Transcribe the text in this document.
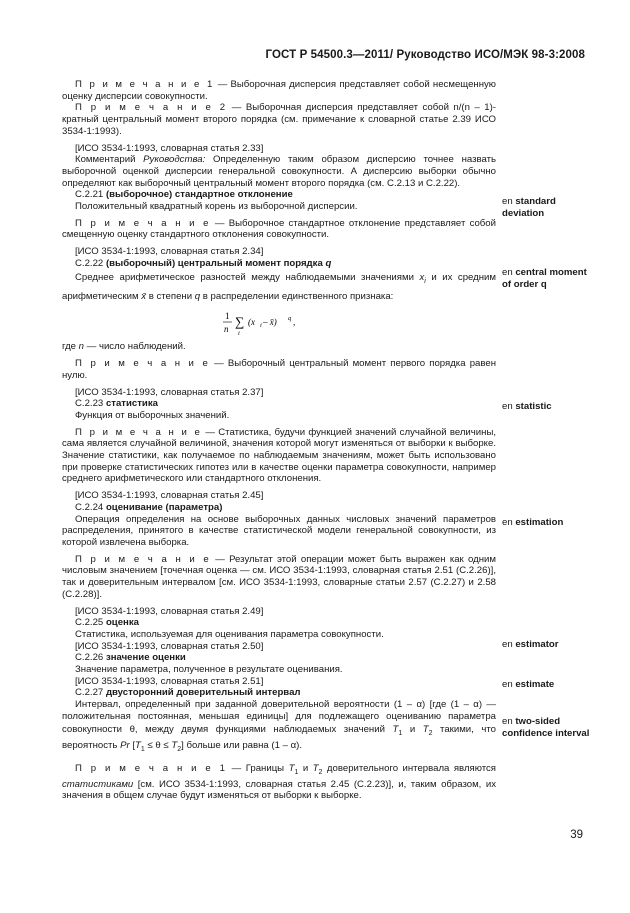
ГОСТ Р 54500.3—2011/ Руководство ИСО/МЭК 98-3:2008

П р и м е ч а н и е 1 — Выборочная дисперсия представляет собой несмещенную оценку дисперсии совокупности.

П р и м е ч а н и е 2 — Выборочная дисперсия представляет собой n/(n – 1)-кратный центральный момент второго порядка (см. примечание к словарной статье 2.39 ИСО 3534-1:1993).

[ИСО 3534-1:1993, словарная статья 2.33]

Комментарий Руководства: Определенную таким образом дисперсию точнее назвать выборочной оценкой дисперсии генеральной совокупности. А дисперсию выборки обычно определяют как выборочный центральный момент второго порядка (см. С.2.13 и С.2.22).

С.2.21 (выборочное) стандартное отклонение

Положительный квадратный корень из выборочной дисперсии.

П р и м е ч а н и е — Выборочное стандартное отклонение представляет собой смещенную оценку стандартного отклонения совокупности.

[ИСО 3534-1:1993, словарная статья 2.34]

С.2.22 (выборочный) центральный момент порядка q

Среднее арифметическое разностей между наблюдаемыми значениями $x_i$ и их средним арифметическим x̄ в степени q в распределении единственного признака:

1
n ∑
i
(x i – x̄) q ,

где n — число наблюдений.

П р и м е ч а н и е — Выборочный центральный момент первого порядка равен нулю.

[ИСО 3534-1:1993, словарная статья 2.37]

С.2.23 статистика

Функция от выборочных значений.

П р и м е ч а н и е — Статистика, будучи функцией значений случайной величины, сама является случайной величиной, значения которой могут изменяться от выборки к выборке. Значение статистики, как получаемое по наблюдаемым значениям, может быть использовано при проверке статистических гипотез или в качестве оценки параметра совокупности, например среднего арифметического или стандартного отклонения.

[ИСО 3534-1:1993, словарная статья 2.45]

С.2.24 оценивание (параметра)

Операция определения на основе выборочных данных числовых значений параметров распределения, принятого в качестве статистической модели генеральной совокупности, из которой извлечена выборка.

П р и м е ч а н и е — Результат этой операции может быть выражен как одним числовым значением [точечная оценка — см. ИСО 3534-1:1993, словарная статья 2.51 (С.2.26)], так и доверительным интервалом [см. ИСО 3534-1:1993, словарные статьи 2.57 (С.2.27) и 2.58 (С.2.28)].

[ИСО 3534-1:1993, словарная статья 2.49]

С.2.25 оценка

Статистика, используемая для оценивания параметра совокупности.

[ИСО 3534-1:1993, словарная статья 2.50]

С.2.26 значение оценки

Значение параметра, полученное в результате оценивания.

[ИСО 3534-1:1993, словарная статья 2.51]

С.2.27 двусторонний доверительный интервал

Интервал, определенный при заданной доверительной вероятности (1 – α) [где (1 – α) — положительная постоянная, меньшая единицы] для подлежащего оцениванию параметра совокупности θ, между двумя функциями наблюдаемых значений $T_1$ и $T_2$ такими, что вероятность Pr $[T_1 \le \theta \le T_2]$ больше или равна (1 – α).

П р и м е ч а н и е 1 — Границы $T_1$ и $T_2$ доверительного интервала являются статистиками [см. ИСО 3534-1:1993, словарная статья 2.45 (С.2.23)], и, таким образом, их значения в общем случае будут изменяться от выборки к выборке.

en standard deviation
en central moment of order q
en statistic
en estimation
en estimator
en estimate
en two-sided confidence interval
39
